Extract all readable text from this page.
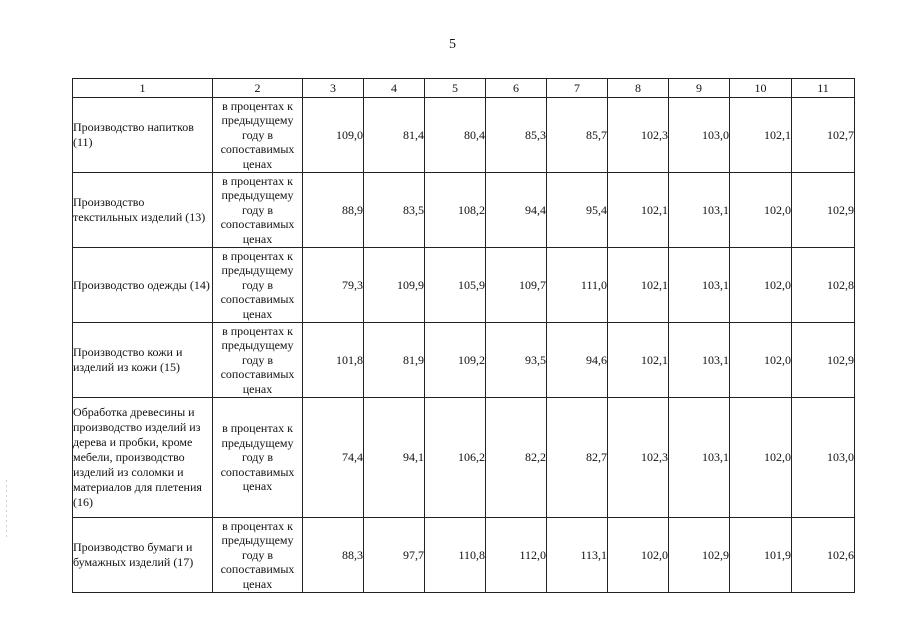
5
1	2	3	4	5	6	7	8	9	10	11

Производство напитков (11)	в процентах к предыдущему году в сопоставимых ценах	109,0	81,4	80,4	85,3	85,7	102,3	103,0	102,1	102,7

Производство текстильных изделий (13)	в процентах к предыдущему году в сопоставимых ценах	88,9	83,5	108,2	94,4	95,4	102,1	103,1	102,0	102,9

Производство одежды (14)	в процентах к предыдущему году в сопоставимых ценах	79,3	109,9	105,9	109,7	111,0	102,1	103,1	102,0	102,8

Производство кожи и изделий из кожи (15)	в процентах к предыдущему году в сопоставимых ценах	101,8	81,9	109,2	93,5	94,6	102,1	103,1	102,0	102,9

Обработка древесины и производство изделий из дерева и пробки, кроме мебели, производство изделий из соломки и материалов для плетения (16)	в процентах к предыдущему году в сопоставимых ценах	74,4	94,1	106,2	82,2	82,7	102,3	103,1	102,0	103,0

Производство бумаги и бумажных изделий (17)	в процентах к предыдущему году в сопоставимых ценах	88,3	97,7	110,8	112,0	113,1	102,0	102,9	101,9	102,6
